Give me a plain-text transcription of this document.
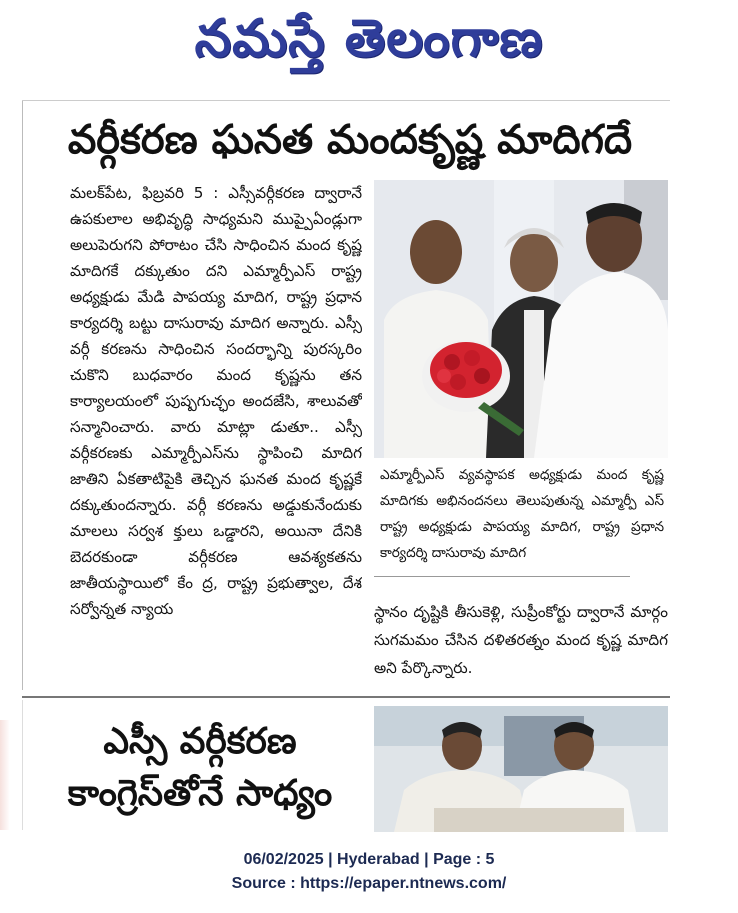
నమస్తే తెలంగాణ
వర్గీకరణ ఘనత మందకృష్ణ మాదిగదే
మలక్‌పేట, ఫిబ్రవరి 5 : ఎస్సీవర్గీకరణ ద్వారానే ఉపకులాల అభివృద్ధి సాధ్యమని ముప్పైఏండ్లుగా అలుపెరుగని పోరాటం చేసి సాధించిన మంద కృష్ణ మాదిగకే దక్కుతుం దని ఎమ్మార్పీఎస్ రాష్ట్ర అధ్యక్షుడు మేడి పాపయ్య మాదిగ, రాష్ట్ర ప్రధాన కార్యదర్శి బట్టు దాసురావు మాదిగ అన్నారు. ఎస్సీ వర్గీ కరణను సాధించిన సందర్భాన్ని పురస్కరిం చుకొని బుధవారం మంద కృష్ణను తన కార్యాలయంలో పుష్పగుచ్ఛం అందజేసి, శాలువతో సన్మానించారు. వారు మాట్లా డుతూ.. ఎస్సీ వర్గీకరణకు ఎమ్మార్పీఎస్‌ను స్థాపించి మాదిగ జాతిని ఏకతాటిపైకి తెచ్చిన ఘనత మంద కృష్ణకే దక్కుతుందన్నారు. వర్గీ కరణను అడ్డుకునేందుకు మాలలు సర్వశ క్తులు ఒడ్డారని, అయినా దేనికి బెదరకుండా వర్గీకరణ ఆవశ్యకతను జాతీయస్థాయిలో కేం ద్ర, రాష్ట్ర ప్రభుత్వాల, దేశ సర్వోన్నత న్యాయ
ఎమ్మార్పీఎస్ వ్యవస్థాపక అధ్యక్షుడు మంద కృష్ణ మాదిగకు అభినందనలు తెలుపుతున్న ఎమ్మార్పీ ఎస్ రాష్ట్ర అధ్యక్షుడు పాపయ్య మాదిగ, రాష్ట్ర ప్రధాన కార్యదర్శి దాసురావు మాదిగ
స్థానం దృష్టికి తీసుకెళ్లి, సుప్రీంకోర్టు ద్వారానే మార్గం సుగమమం చేసిన దళితరత్నం మంద కృష్ణ మాదిగ అని పేర్కొన్నారు.
ఎస్సీ వర్గీకరణ
కాంగ్రెస్‌తోనే సాధ్యం
06/02/2025 | Hyderabad | Page : 5
Source : https://epaper.ntnews.com/
